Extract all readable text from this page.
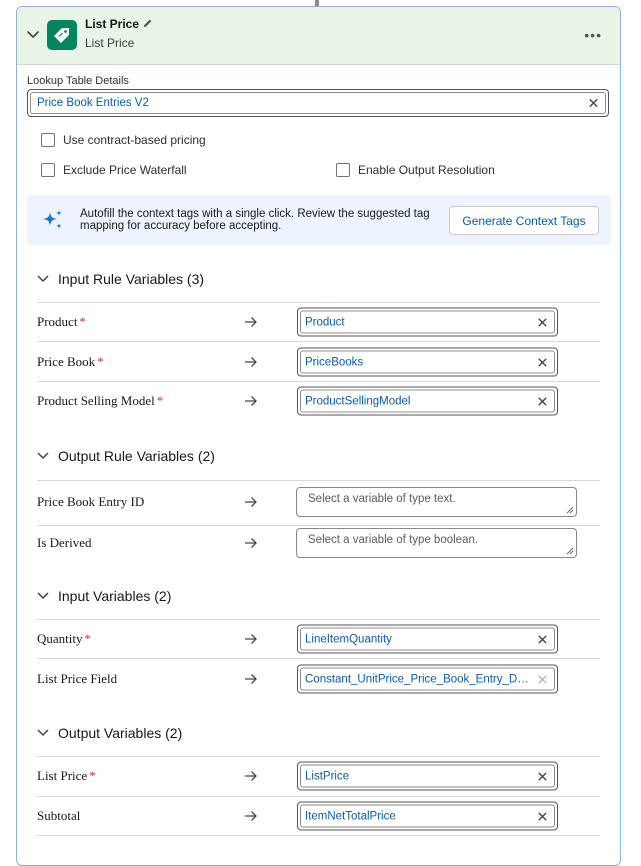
List Price
List Price	•••
Lookup Table Details
Price Book Entries V2
Use contract-based pricing
Exclude Price Waterfall	Enable Output Resolution
Autofill the context tags with a single click. Review the suggested tag mapping for accuracy before accepting.	Generate Context Tags
Input Rule Variables (3)
Product *	Product
Price Book *	PriceBooks
Product Selling Model *	ProductSellingModel
Output Rule Variables (2)
Price Book Entry ID	Select a variable of type text.
Is Derived	Select a variable of type boolean.
Input Variables (2)
Quantity *	LineItemQuantity
List Price Field	Constant_UnitPrice_Price_Book_Entry_D…
Output Variables (2)
List Price *	ListPrice
Subtotal	ItemNetTotalPrice
